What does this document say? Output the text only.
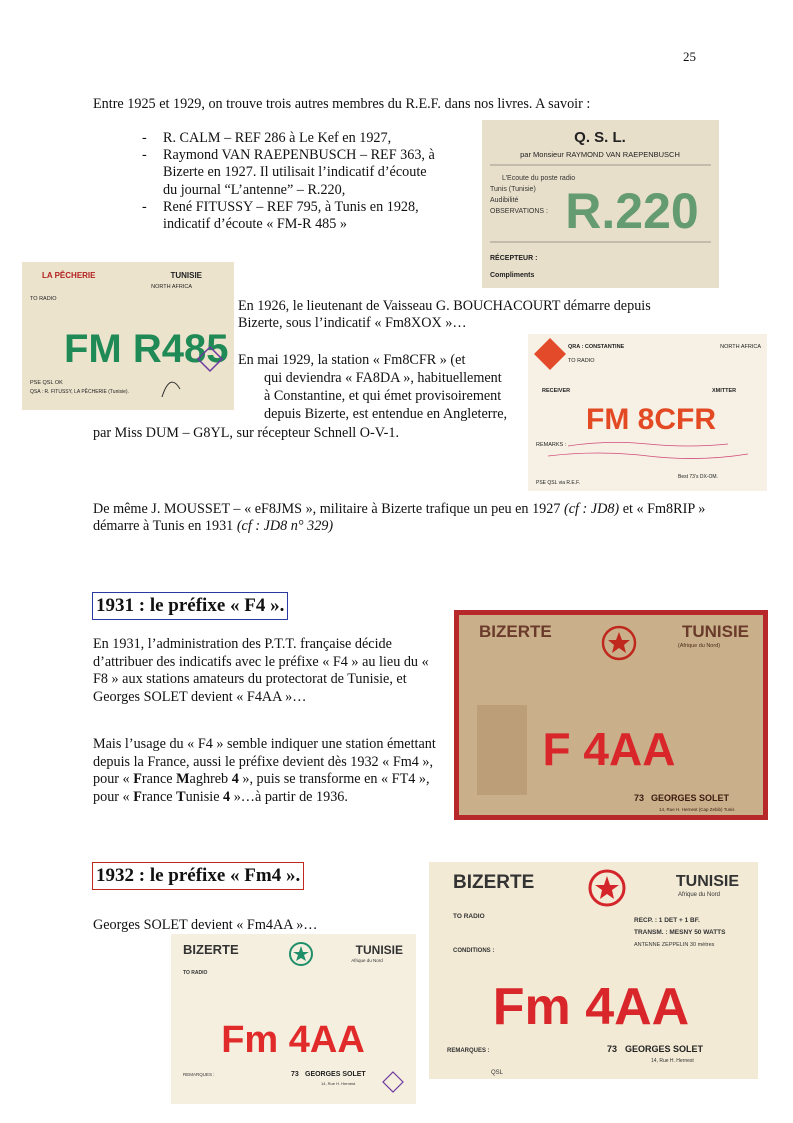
25
Entre 1925 et 1929, on trouve trois autres membres du R.E.F. dans nos livres. A savoir :
- R. CALM – REF 286 à Le Kef en 1927,
- Raymond VAN RAEPENBUSCH – REF 363, à Bizerte en 1927. Il utilisait l’indicatif d’écoute du journal “L’antenne” – R.220,
- René FITUSSY – REF 795, à Tunis en 1928, indicatif d’écoute « FM-R 485 »
Q. S. L.
par Monsieur RAYMOND VAN RAEPENBUSCH
L’Ecoute du poste radio
Tunis (Tunisie)
Audibilité
OBSERVATIONS : R.220
RÉCEPTEUR :
Compliments
LA PÊCHERIE	TUNISIE
NORTH AFRICA
TO RADIO
FM R485
PSE QSL OK
QSA : R. FITUSSY, LA PÊCHERIE (Tunisie).
En 1926, le lieutenant de Vaisseau G. BOUCHACOURT démarre depuis Bizerte, sous l’indicatif « Fm8XOX »…
En mai 1929, la station « Fm8CFR » (et
qui deviendra « FA8DA », habituellement
à Constantine, et qui émet provisoirement
depuis Bizerte, est entendue en Angleterre,
par Miss DUM – G8YL, sur récepteur Schnell O-V-1.
QRA : CONSTANTINE	NORTH AFRICA
TO RADIO
RECEIVER	XMITTER
FM 8CFR
REMARKS :
PSE QSL via R.E.F.
Best 73’s DX-OM.
De même J. MOUSSET – « eF8JMS », militaire à Bizerte trafique un peu en 1927 (cf : JD8) et « Fm8RIP » démarre à Tunis en 1931 (cf : JD8 n° 329)
1931 : le préfixe « F4 ».
En 1931, l’administration des P.T.T. française décide d’attribuer des indicatifs avec le préfixe « F4 » au lieu du « F8 » aux stations amateurs du protectorat de Tunisie, et Georges SOLET devient « F4AA »…
Mais l’usage du « F4 » semble indiquer une station émettant depuis la France, aussi le préfixe devient dès 1932 « Fm4 », pour « France Maghreb 4 », puis se transforme en « FT4 », pour « France Tunisie 4 »…à partir de 1936.
BIZERTE	TUNISIE
(Afrique du Nord)
F 4AA
73 GEORGES SOLET
14, Rue H. Hernest (Cap Zebib) Tunis
1932 : le préfixe « Fm4 ».
Georges SOLET devient « Fm4AA »…
BIZERTE	TUNISIE
Afrique du Nord
TO RADIO
RECP. : 1 DET + 1 BF.
TRANSM. : MESNY 50 WATTS
ANTENNE ZEPPELIN 30 mètres
CONDITIONS :
Fm 4AA
REMARQUES :	73 GEORGES SOLET
14, Rue H. Hernest
QSL
BIZERTE	TUNISIE
Afrique du Nord
TO RADIO
Fm 4AA
REMARQUES :	73 GEORGES SOLET
14, Rue H. Hernest
